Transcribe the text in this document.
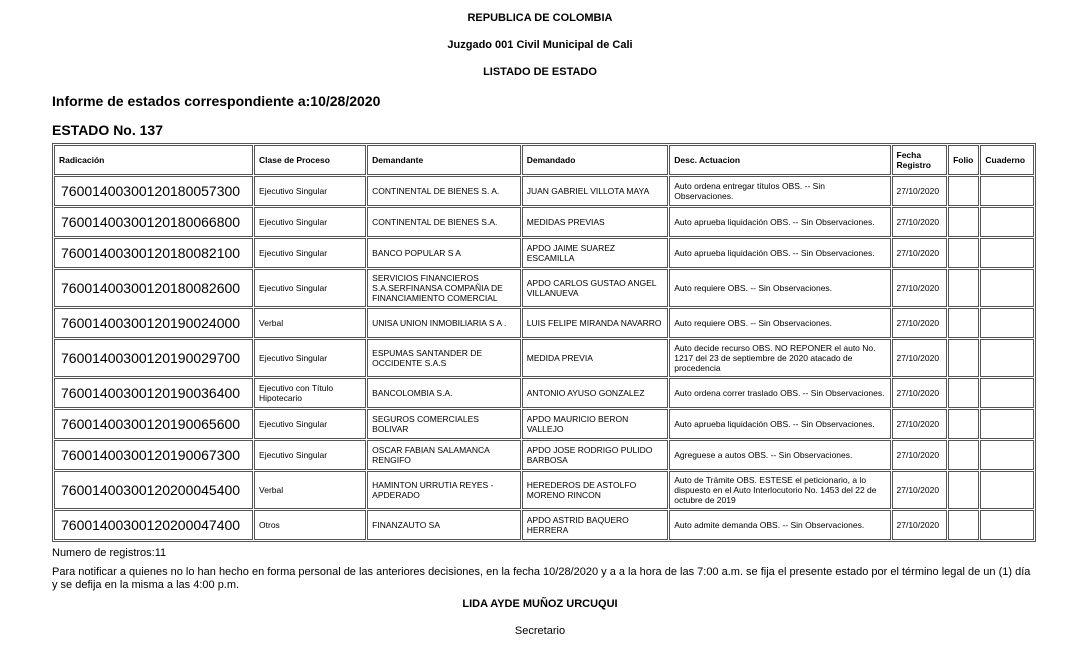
REPUBLICA DE COLOMBIA
Juzgado 001 Civil Municipal de Cali
LISTADO DE ESTADO
Informe de estados correspondiente a:10/28/2020
ESTADO No. 137
Radicación	Clase de Proceso	Demandante	Demandado	Desc. Actuacion	Fecha Registro	Folio	Cuaderno
76001400300120180057300	Ejecutivo Singular	CONTINENTAL DE BIENES S. A.	JUAN GABRIEL VILLOTA MAYA	Auto ordena entregar títulos OBS. -- Sin Observaciones.	27/10/2020		
76001400300120180066800	Ejecutivo Singular	CONTINENTAL DE BIENES S.A.	MEDIDAS PREVIAS	Auto aprueba liquidación OBS. -- Sin Observaciones.	27/10/2020		
76001400300120180082100	Ejecutivo Singular	BANCO POPULAR S A	APDO JAIME SUAREZ ESCAMILLA	Auto aprueba liquidación OBS. -- Sin Observaciones.	27/10/2020		
76001400300120180082600	Ejecutivo Singular	SERVICIOS FINANCIEROS S.A.SERFINANSA COMPAÑIA DE FINANCIAMIENTO COMERCIAL	APDO CARLOS GUSTAO ANGEL VILLANUEVA	Auto requiere OBS. -- Sin Observaciones.	27/10/2020		
76001400300120190024000	Verbal	UNISA UNION INMOBILIARIA S A .	LUIS FELIPE MIRANDA NAVARRO	Auto requiere OBS. -- Sin Observaciones.	27/10/2020		
76001400300120190029700	Ejecutivo Singular	ESPUMAS SANTANDER DE OCCIDENTE S.A.S	MEDIDA PREVIA	Auto decide recurso OBS. NO REPONER el auto No. 1217 del 23 de septiembre de 2020 atacado de procedencia	27/10/2020		
76001400300120190036400	Ejecutivo con Título Hipotecario	BANCOLOMBIA S.A.	ANTONIO AYUSO GONZALEZ	Auto ordena correr traslado OBS. -- Sin Observaciones.	27/10/2020		
76001400300120190065600	Ejecutivo Singular	SEGUROS COMERCIALES BOLIVAR	APDO MAURICIO BERON VALLEJO	Auto aprueba liquidación OBS. -- Sin Observaciones.	27/10/2020		
76001400300120190067300	Ejecutivo Singular	OSCAR FABIAN SALAMANCA RENGIFO	APDO JOSE RODRIGO PULIDO BARBOSA	Agreguese a autos OBS. -- Sin Observaciones.	27/10/2020		
76001400300120200045400	Verbal	HAMINTON URRUTIA REYES - APDERADO	HEREDEROS DE ASTOLFO MORENO RINCON	Auto de Trámite OBS. ESTESE el peticionario, a lo dispuesto en el Auto Interlocutorio No. 1453 del 22 de octubre de 2019	27/10/2020		
76001400300120200047400	Otros	FINANZAUTO SA	APDO ASTRID BAQUERO HERRERA	Auto admite demanda OBS. -- Sin Observaciones.	27/10/2020		
Numero de registros:11
Para notificar a quienes no lo han hecho en forma personal de las anteriores decisiones, en la fecha 10/28/2020 y a a la hora de las 7:00 a.m. se fija el presente estado por el término legal de un (1) día y se defija en la misma a las 4:00 p.m.
LIDA AYDE MUÑOZ URCUQUI
Secretario
